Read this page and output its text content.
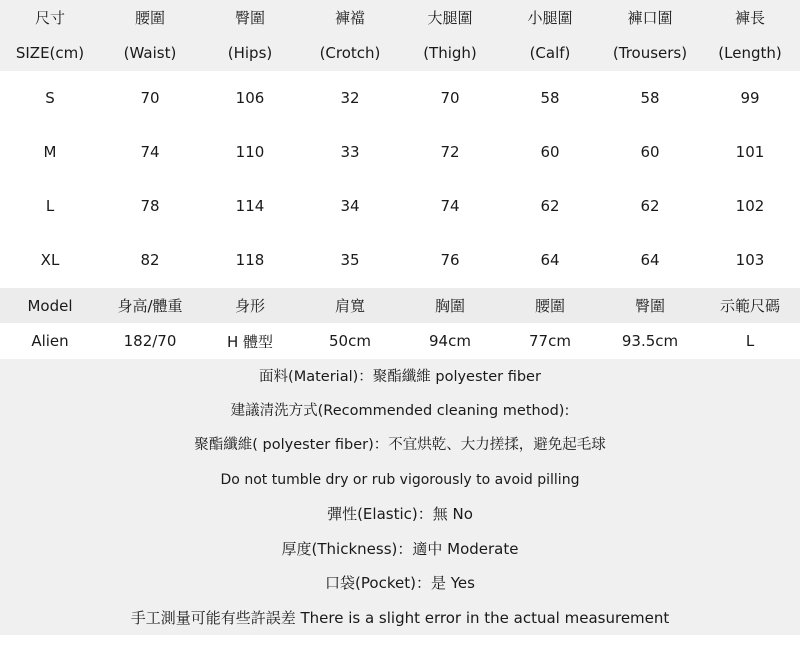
尺寸	腰圍	臀圍	褲襠	大腿圍	小腿圍	褲口圍	褲長
SIZE(cm)	(Waist)	(Hips)	(Crotch)	(Thigh)	(Calf)	(Trousers)	(Length)
S	70	106	32	70	58	58	99
M	74	110	33	72	60	60	101
L	78	114	34	74	62	62	102
XL	82	118	35	76	64	64	103
Model	身高/體重	身形	肩寬	胸圍	腰圍	臀圍	示範尺碼
Alien	182/70	H 體型	50cm	94cm	77cm	93.5cm	L
面料(Material)：聚酯纖維 polyester fiber
建議清洗方式(Recommended cleaning method):
聚酯纖維( polyester fiber)：不宜烘乾、大力搓揉，避免起毛球
Do not tumble dry or rub vigorously to avoid pilling
彈性(Elastic)：無 No
厚度(Thickness)：適中 Moderate
口袋(Pocket)：是 Yes
手工測量可能有些許誤差 There is a slight error in the actual measurement
